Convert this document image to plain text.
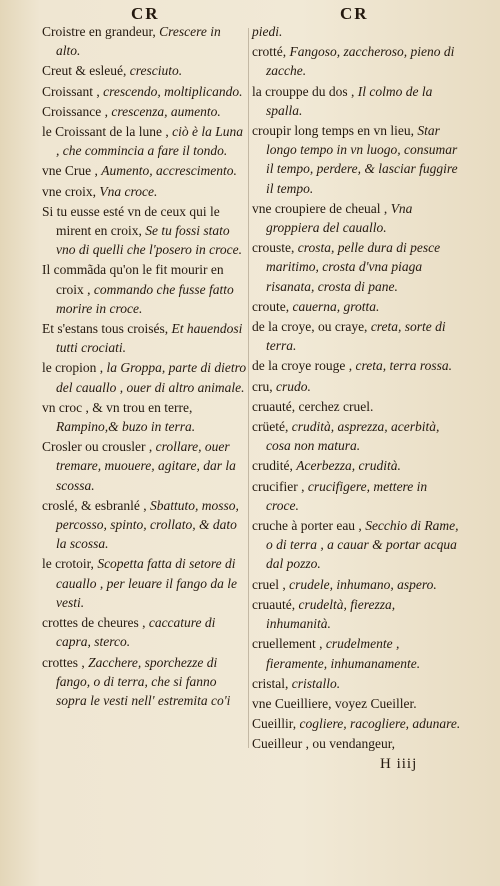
CR	CR
Croistre en grandeur, Crescere in alto.
Creut & esleué, cresciuto.
Croissant , crescendo, moltiplicando.
Croissance , crescenza, aumento.
le Croissant de la lune , ciò è la Luna , che commincia a fare il tondo.
vne Crue , Aumento, accrescimento.
vne croix, Vna croce.
Si tu eusse esté vn de ceux qui le mirent en croix, Se tu fossi stato vno di quelli che l'posero in croce.
Il commãda qu'on le fit mourir en croix , commando che fusse fatto morire in croce.
Et s'estans tous croisés, Et hauendosi tutti crociati.
le cropion , la Groppa, parte di dietro del cauallo , ouer di altro animale.
vn croc , & vn trou en terre, Rampino,& buzo in terra.
Crosler ou crousler , crollare, ouer tremare, muouere, agitare, dar la scossa.
croslé, & esbranlé , Sbattuto, mosso, percosso, spinto, crollato, & dato la scossa.
le crotoir, Scopetta fatta di setore di cauallo , per leuare il fango da le vesti.
crottes de cheures , caccature di capra, sterco.
crottes , Zacchere, sporchezze di fango, o di terra, che si fanno sopra le vesti nell' estremita co'i
piedi.
crotté, Fangoso, zaccheroso, pieno di zacche.
la crouppe du dos , Il colmo de la spalla.
croupir long temps en vn lieu, Star longo tempo in vn luogo, consumar il tempo, perdere, & lasciar fuggire il tempo.
vne croupiere de cheual , Vna groppiera del cauallo.
crouste, crosta, pelle dura di pesce maritimo, crosta d'vna piaga risanata, crosta di pane.
croute, cauerna, grotta.
de la croye, ou craye, creta, sorte di terra.
de la croye rouge , creta, terra rossa.
cru, crudo.
cruauté, cerchez cruel.
crüeté, crudità, asprezza, acerbità, cosa non matura.
crudité, Acerbezza, crudità.
crucifier , crucifigere, mettere in croce.
cruche à porter eau , Secchio di Rame, o di terra , a cauar & portar acqua dal pozzo.
cruel , crudele, inhumano, aspero.
cruauté, crudeltà, fierezza, inhumanità.
cruellement , crudelmente , fieramente, inhumanamente.
cristal, cristallo.
vne Cueilliere, voyez Cueiller.
Cueillir, cogliere, racogliere, adunare.
Cueilleur , ou vendangeur,
H iiij
